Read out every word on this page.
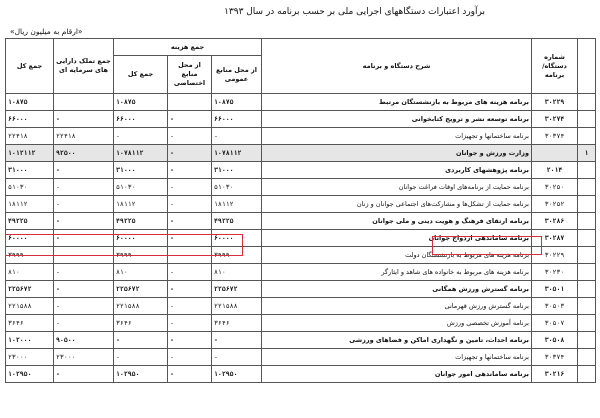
برآورد اعتبارات دستگاههای اجرایی ملی بر حسب برنامه در سال ۱۳۹۳
«ارقام به میلیون ریال»
جمع کل	جمع تملک دارایی های سرمایه ای	جمع هزینه			شرح دستگاه و برنامه	شماره دستگاه/ برنامه	
		جمع کل	از محل منابع اختصاصی	از محل منابع عمومی			
۱۰۸۷۵		۱۰۸۷۵		۱۰۸۷۵	برنامه هزینه های مربوط به بازنشستگان مرتبط	۳۰۲۲۹	
۶۶۰۰۰	-	۶۶۰۰۰	-	۶۶۰۰۰	برنامه توسعه نشر و ترویج کتابخوانی	۳۰۲۷۴	
۲۲۴۱۸	۲۲۴۱۸	-	-	-	برنامه ساختمانها و تجهیزات	۳۰۳۷۴	
۱۰۱۲۱۱۲	۹۲۵۰۰	۱۰۷۸۱۱۲	-	۱۰۷۸۱۱۲	وزارت ورزش و جوانان		۱
۳۱۰۰۰	-	۳۱۰۰۰	-	۳۱۰۰۰	برنامه پژوهشهای کاربردی	۲۰۱۴	
۵۱۰۳۰	-	۵۱۰۳۰	-	۵۱۰۳۰	برنامه حمایت از برنامه‌های اوقات فراغت جوانان	۳۰۲۵۰	
۱۸۱۱۲	-	۱۸۱۱۲	-	۱۸۱۱۲	برنامه حمایت از تشکل‌ها و مشارکت‌های اجتماعی جوانان و زنان	۳۰۲۵۲	
۴۹۲۲۵	-	۴۹۲۲۵	-	۴۹۲۲۵	برنامه ارتقای فرهنگ و هویت دینی و ملی جوانان	۳۰۲۸۶	
۶۰۰۰۰	-	۶۰۰۰۰	-	۶۰۰۰۰	برنامه ساماندهی ازدواج جوانان	۳۰۲۸۷	
۳۹۹۹	-	۳۹۹۹	-	۳۹۹۹	برنامه هزینه های مربوط به بازنشستگان دولت	۳۰۲۲۹	
۸۱۰	-	۸۱۰	-	۸۱۰	برنامه هزینه های مربوط به خانواده های شاهد و ایثارگر	۳۰۲۳۰	
۲۲۵۶۷۲	-	۲۲۵۶۷۲	-	۲۲۵۶۷۲	برنامه گسترش ورزش همگانی	۳۰۵۰۱	
۲۲۱۵۸۸	-	۲۲۱۵۸۸	-	۲۲۱۵۸۸	برنامه گسترش ورزش قهرمانی	۳۰۵۰۳	
۳۶۴۶	-	۳۶۴۶	-	۳۶۴۶	برنامه آموزش تخصصی ورزش	۳۰۵۰۷	
۱۰۲۰۰۰	۹۰۵۰۰	-	-	-	برنامه احداث، تامین و نگهداری اماکن و فضاهای ورزشی	۳۰۵۰۸	
۲۳۰۰۰	۲۳۰۰۰	-	-	-	برنامه ساختمانها و تجهیزات	۳۰۳۷۴	
۱۰۲۹۵۰	-	۱۰۲۹۵۰	-	۱۰۲۹۵۰	برنامه ساماندهی امور جوانان	۳۰۲۱۶	
